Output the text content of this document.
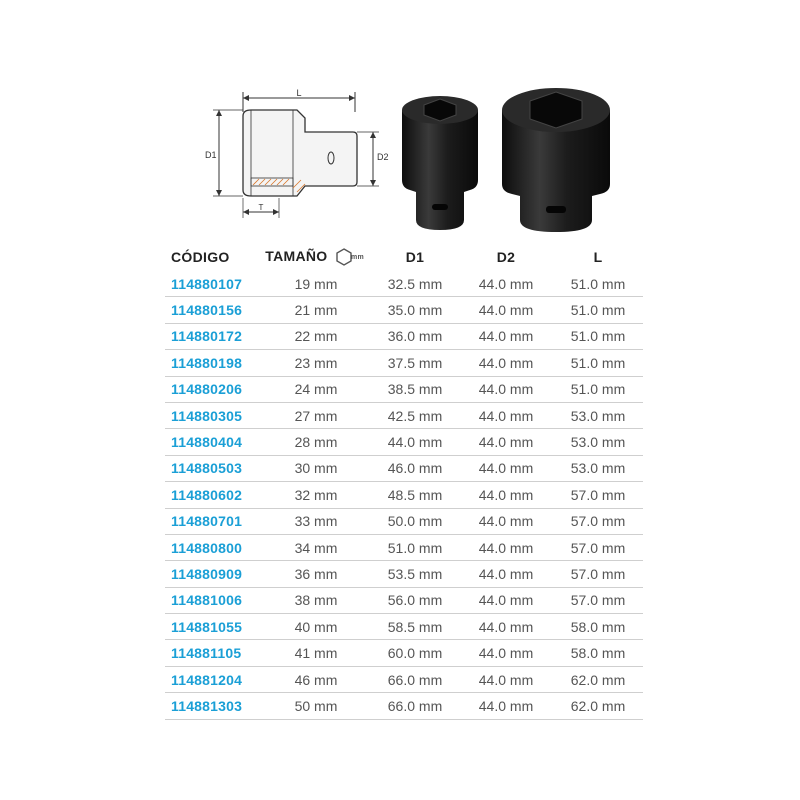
L
D1	D2
T
CÓDIGO	TAMAÑO mm	D1	D2	L
114880107	19 mm	32.5 mm	44.0 mm	51.0 mm
114880156	21 mm	35.0 mm	44.0 mm	51.0 mm
114880172	22 mm	36.0 mm	44.0 mm	51.0 mm
114880198	23 mm	37.5 mm	44.0 mm	51.0 mm
114880206	24 mm	38.5 mm	44.0 mm	51.0 mm
114880305	27 mm	42.5 mm	44.0 mm	53.0 mm
114880404	28 mm	44.0 mm	44.0 mm	53.0 mm
114880503	30 mm	46.0 mm	44.0 mm	53.0 mm
114880602	32 mm	48.5 mm	44.0 mm	57.0 mm
114880701	33 mm	50.0 mm	44.0 mm	57.0 mm
114880800	34 mm	51.0 mm	44.0 mm	57.0 mm
114880909	36 mm	53.5 mm	44.0 mm	57.0 mm
114881006	38 mm	56.0 mm	44.0 mm	57.0 mm
114881055	40 mm	58.5 mm	44.0 mm	58.0 mm
114881105	41 mm	60.0 mm	44.0 mm	58.0 mm
114881204	46 mm	66.0 mm	44.0 mm	62.0 mm
114881303	50 mm	66.0 mm	44.0 mm	62.0 mm
